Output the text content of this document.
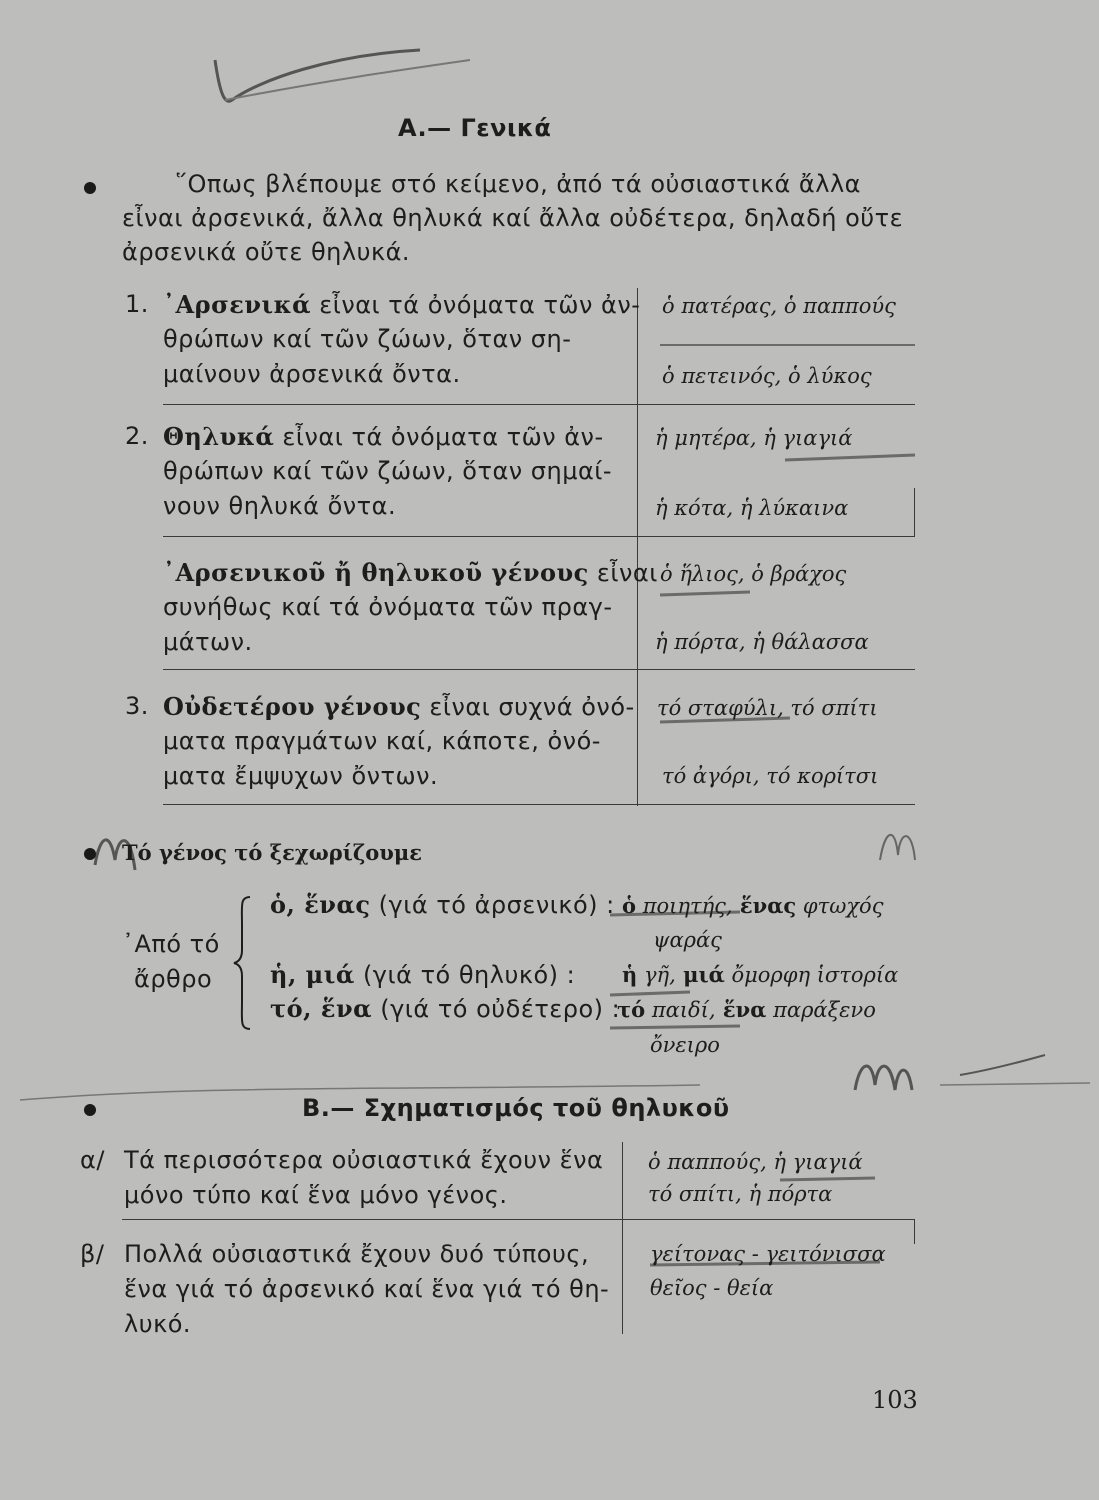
A.— Γενικά
῞Οπως βλέπουμε στό κείμενο, ἀπό τά οὐσιαστικά ἄλλα
εἶναι ἀρσενικά, ἄλλα θηλυκά καί ἄλλα οὐδέτερα, δηλαδή οὔτε
ἀρσενικά οὔτε θηλυκά.
1. ᾿Αρσενικά εἶναι τά ὀνόματα τῶν ἀν-
θρώπων καί τῶν ζώων, ὅταν ση-
μαίνουν ἀρσενικά ὄντα.
ὁ πατέρας, ὁ παππούς
ὁ πετεινός, ὁ λύκος
2. Θηλυκά εἶναι τά ὀνόματα τῶν ἀν-
θρώπων καί τῶν ζώων, ὅταν σημαί-
νουν θηλυκά ὄντα.
ἡ μητέρα, ἡ γιαγιά
ἡ κότα, ἡ λύκαινα
᾿Αρσενικοῦ ἤ θηλυκοῦ γένους εἶναι
συνήθως καί τά ὀνόματα τῶν πραγ-
μάτων.
ὁ ἥλιος, ὁ βράχος
ἡ πόρτα, ἡ θάλασσα
3. Οὐδετέρου γένους εἶναι συχνά ὀνό-
ματα πραγμάτων καί, κάποτε, ὀνό-
ματα ἔμψυχων ὄντων.
τό σταφύλι, τό σπίτι
τό ἀγόρι, τό κορίτσι
Τό γένος τό ξεχωρίζουμε
᾿Από τό
ἄρθρο
ὁ, ἕνας (γιά τό ἀρσενικό) : ὁ ποιητής, ἕνας φτωχός
ψαράς
ἡ, μιά (γιά τό θηλυκό) : ἡ γῆ, μιά ὄμορφη ἱστορία
τό, ἕνα (γιά τό οὐδέτερο) :
τό παιδί, ἕνα παράξενο
ὄνειρο
B.— Σχηματισμός τοῦ θηλυκοῦ
α/ Τά περισσότερα οὐσιαστικά ἔχουν ἕνα
μόνο τύπο καί ἕνα μόνο γένος.
ὁ παππούς, ἡ γιαγιά
τό σπίτι, ἡ πόρτα
β/ Πολλά οὐσιαστικά ἔχουν δυό τύπους,
ἕνα γιά τό ἀρσενικό καί ἕνα γιά τό θη-
λυκό.
γείτονας - γειτόνισσα
θεῖος - θεία
103
